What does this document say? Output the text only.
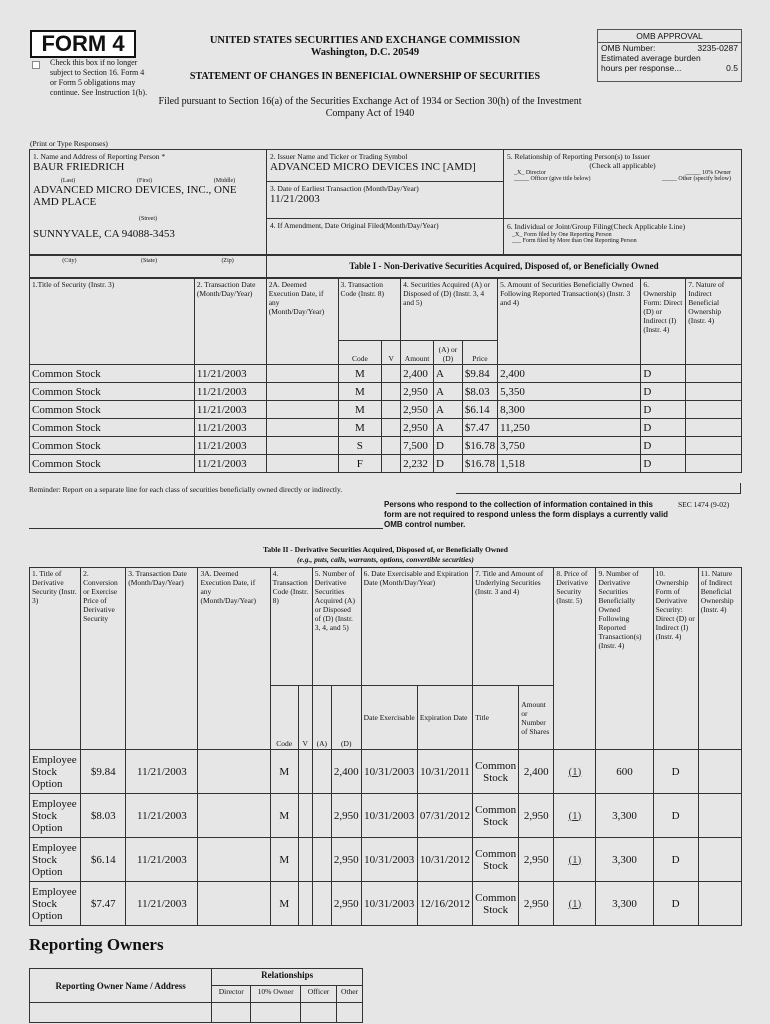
FORM 4
Check this box if no longer subject to Section 16. Form 4 or Form 5 obligations may continue. See Instruction 1(b).
UNITED STATES SECURITIES AND EXCHANGE COMMISSION
Washington, D.C. 20549
STATEMENT OF CHANGES IN BENEFICIAL OWNERSHIP OF SECURITIES
Filed pursuant to Section 16(a) of the Securities Exchange Act of 1934 or Section 30(h) of the Investment Company Act of 1940
OMB APPROVAL
OMB Number:	3235-0287
Estimated average burden
hours per response...	0.5
(Print or Type Responses)
1. Name and Address of Reporting Person *
BAUR FRIEDRICH
(Last)	(First)	(Middle)
ADVANCED MICRO DEVICES, INC., ONE AMD PLACE
(Street)
SUNNYVALE, CA 94088-3453
(City)	(State)	(Zip)
2. Issuer Name and Ticker or Trading Symbol
ADVANCED MICRO DEVICES INC [AMD]
3. Date of Earliest Transaction (Month/Day/Year)
11/21/2003
4. If Amendment, Date Original Filed(Month/Day/Year)
5. Relationship of Reporting Person(s) to Issuer
(Check all applicable)
_X_ Director	_____ 10% Owner
_____ Officer (give title below)	_____ Other (specify below)
6. Individual or Joint/Group Filing(Check Applicable Line)
_X_ Form filed by One Reporting Person
___ Form filed by More than One Reporting Person
Table I - Non-Derivative Securities Acquired, Disposed of, or Beneficially Owned
1.Title of Security (Instr. 3)	2. Transaction Date (Month/Day/Year)	2A. Deemed Execution Date, if any (Month/Day/Year)	3. Transaction Code (Instr. 8)		4. Securities Acquired (A) or Disposed of (D) (Instr. 3, 4 and 5)			5. Amount of Securities Beneficially Owned Following Reported Transaction(s) (Instr. 3 and 4)	6. Ownership Form: Direct (D) or Indirect (I) (Instr. 4)	7. Nature of Indirect Beneficial Ownership (Instr. 4)
			Code	V	Amount	(A) or (D)	Price			
Common Stock	11/21/2003		M		2,400	A	$9.84	2,400	D	
Common Stock	11/21/2003		M		2,950	A	$8.03	5,350	D	
Common Stock	11/21/2003		M		2,950	A	$6.14	8,300	D	
Common Stock	11/21/2003		M		2,950	A	$7.47	11,250	D	
Common Stock	11/21/2003		S		7,500	D	$16.78	3,750	D	
Common Stock	11/21/2003		F		2,232	D	$16.78	1,518	D	
Reminder: Report on a separate line for each class of securities beneficially owned directly or indirectly.
Persons who respond to the collection of information contained in this form are not required to respond unless the form displays a currently valid OMB control number.
SEC 1474 (9-02)
Table II - Derivative Securities Acquired, Disposed of, or Beneficially Owned
(e.g., puts, calls, warrants, options, convertible securities)
1. Title of Derivative Security (Instr. 3)	2. Conversion or Exercise Price of Derivative Security	3. Transaction Date (Month/Day/Year)	3A. Deemed Execution Date, if any (Month/Day/Year)	4. Transaction Code (Instr. 8)		5. Number of Derivative Securities Acquired (A) or Disposed of (D) (Instr. 3, 4, and 5)		6. Date Exercisable and Expiration Date (Month/Day/Year)		7. Title and Amount of Underlying Securities (Instr. 3 and 4)		8. Price of Derivative Security (Instr. 5)	9. Number of Derivative Securities Beneficially Owned Following Reported Transaction(s) (Instr. 4)	10. Ownership Form of Derivative Security: Direct (D) or Indirect (I) (Instr. 4)	11. Nature of Indirect Beneficial Ownership (Instr. 4)
				Code	V	(A)	(D)	Date Exercisable	Expiration Date	Title	Amount or Number of Shares				
Employee Stock Option	$9.84	11/21/2003		M			2,400	10/31/2003	10/31/2011	Common Stock	2,400	(1)	600	D	
Employee Stock Option	$8.03	11/21/2003		M			2,950	10/31/2003	07/31/2012	Common Stock	2,950	(1)	3,300	D	
Employee Stock Option	$6.14	11/21/2003		M			2,950	10/31/2003	10/31/2012	Common Stock	2,950	(1)	3,300	D	
Employee Stock Option	$7.47	11/21/2003		M			2,950	10/31/2003	12/16/2012	Common Stock	2,950	(1)	3,300	D	
Reporting Owners
Reporting Owner Name / Address	Relationships			
	Director	10% Owner	Officer	Other
